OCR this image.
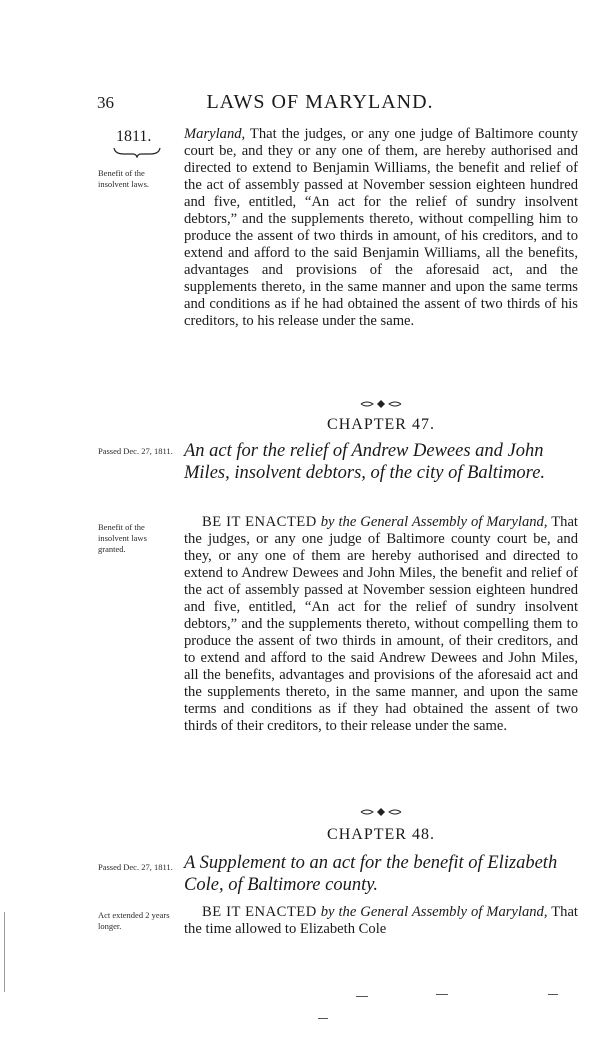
36	LAWS OF MARYLAND.
1811.
Benefit of the insolvent laws.

Maryland, That the judges, or any one judge of Baltimore county court be, and they or any one of them, are hereby authorised and directed to extend to Benjamin Williams, the benefit and relief of the act of assembly passed at November session eighteen hundred and five, entitled, “An act for the relief of sundry insolvent debtors,” and the supplements thereto, without compelling him to produce the assent of two thirds in amount, of his creditors, and to extend and afford to the said Benjamin Williams, all the benefits, advantages and provisions of the aforesaid act, and the supplements thereto, in the same manner and upon the same terms and conditions as if he had obtained the assent of two thirds of his creditors, to his release under the same.

CHAPTER 47.
Passed Dec. 27, 1811. An act for the relief of Andrew Dewees and John Miles, insolvent debtors, of the city of Baltimore.
Benefit of the insolvent laws granted.

BE IT ENACTED by the General Assembly of Maryland, That the judges, or any one judge of Baltimore county court be, and they, or any one of them are hereby authorised and directed to extend to Andrew Dewees and John Miles, the benefit and relief of the act of assembly passed at November session eighteen hundred and five, entitled, “An act for the relief of sundry insolvent debtors,” and the supplements thereto, without compelling them to produce the assent of two thirds in amount, of their creditors, and to extend and afford to the said Andrew Dewees and John Miles, all the benefits, advantages and provisions of the aforesaid act and the supplements thereto, in the same manner, and upon the same terms and conditions as if they had obtained the assent of two thirds of their creditors, to their release under the same.

CHAPTER 48.
Passed Dec. 27, 1811. A Supplement to an act for the benefit of Elizabeth Cole, of Baltimore county.
Act extended 2 years longer.

BE IT ENACTED by the General Assembly of Maryland, That the time allowed to Elizabeth Cole
